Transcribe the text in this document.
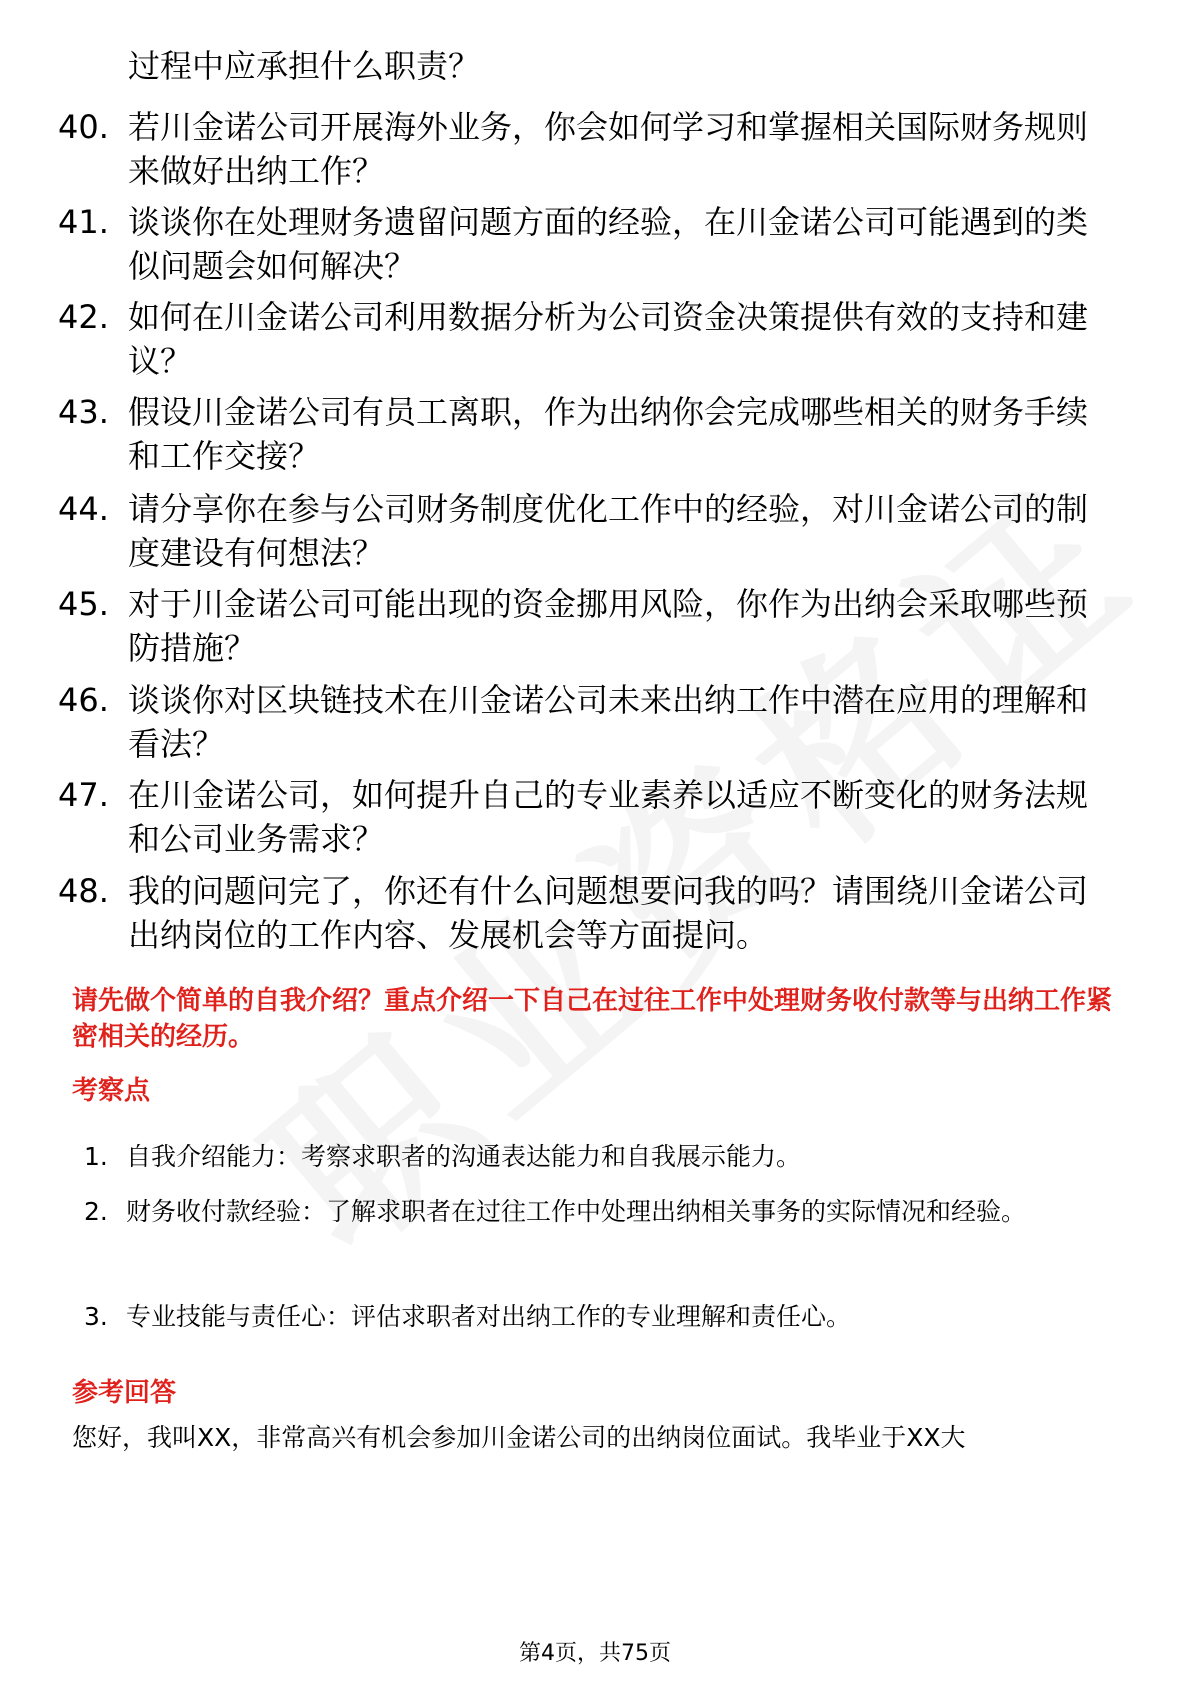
过程中应承担什么职责？
40. 若川金诺公司开展海外业务，你会如何学习和掌握相关国际财务规则来做好出纳工作？
41. 谈谈你在处理财务遗留问题方面的经验，在川金诺公司可能遇到的类似问题会如何解决？
42. 如何在川金诺公司利用数据分析为公司资金决策提供有效的支持和建议？
43. 假设川金诺公司有员工离职，作为出纳你会完成哪些相关的财务手续和工作交接？
44. 请分享你在参与公司财务制度优化工作中的经验，对川金诺公司的制度建设有何想法？
45. 对于川金诺公司可能出现的资金挪用风险，你作为出纳会采取哪些预防措施？
46. 谈谈你对区块链技术在川金诺公司未来出纳工作中潜在应用的理解和看法？
47. 在川金诺公司，如何提升自己的专业素养以适应不断变化的财务法规和公司业务需求？
48. 我的问题问完了，你还有什么问题想要问我的吗？请围绕川金诺公司出纳岗位的工作内容、发展机会等方面提问。
请先做个简单的自我介绍？重点介绍一下自己在过往工作中处理财务收付款等与出纳工作紧密相关的经历。
考察点
1. 自我介绍能力：考察求职者的沟通表达能力和自我展示能力。
2. 财务收付款经验：了解求职者在过往工作中处理出纳相关事务的实际情况和经验。
3. 专业技能与责任心：评估求职者对出纳工作的专业理解和责任心。
参考回答
您好，我叫XX，非常高兴有机会参加川金诺公司的出纳岗位面试。我毕业于XX大
第4页，共75页
